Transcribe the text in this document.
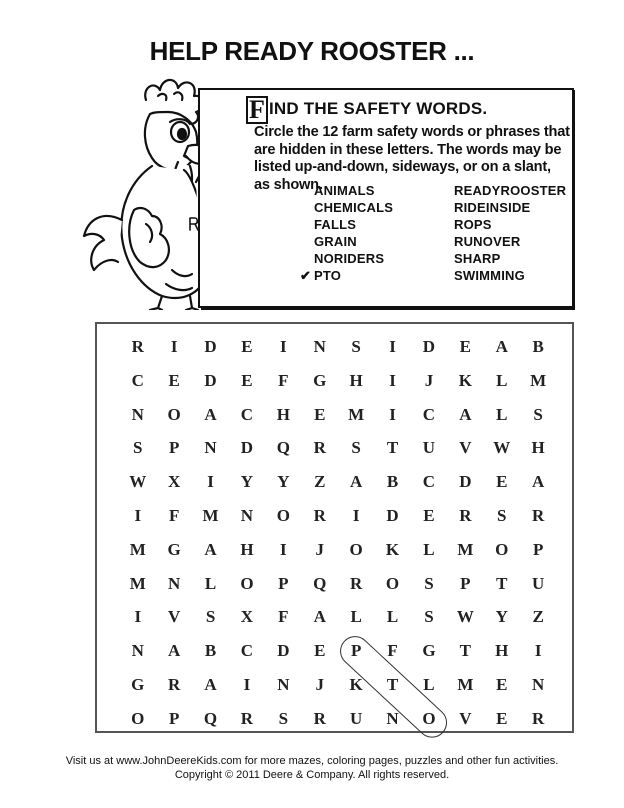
HELP READY ROOSTER ...
F IND THE SAFETY WORDS.
Circle the 12 farm safety words or phrases that are hidden in these letters. The words may be listed up-and-down, sideways, or on a slant, as shown.
ANIMALS
CHEMICALS
FALLS
GRAIN
NORIDERS
✔ PTO
READYROOSTER
RIDEINSIDE
ROPS
RUNOVER
SHARP
SWIMMING
R	I	D	E	I	N	S	I	D	E	A	B
C	E	D	E	F	G	H	I	J	K	L	M
N	O	A	C	H	E	M	I	C	A	L	S
S	P	N	D	Q	R	S	T	U	V	W	H
W	X	I	Y	Y	Z	A	B	C	D	E	A
I	F	M	N	O	R	I	D	E	R	S	R
M	G	A	H	I	J	O	K	L	M	O	P
M	N	L	O	P	Q	R	O	S	P	T	U
I	V	S	X	F	A	L	L	S	W	Y	Z
N	A	B	C	D	E	P	F	G	T	H	I
G	R	A	I	N	J	K	T	L	M	E	N
O	P	Q	R	S	R	U	N	O	V	E	R
Visit us at www.JohnDeereKids.com for more mazes, coloring pages, puzzles and other fun activities.
Copyright © 2011 Deere & Company. All rights reserved.
